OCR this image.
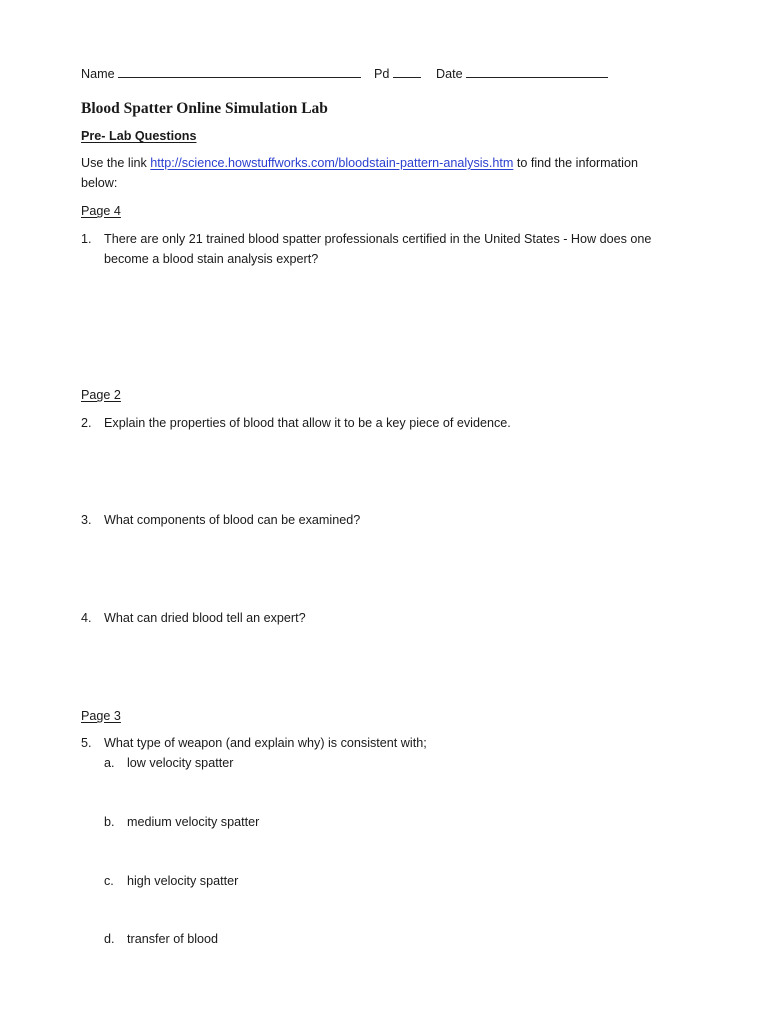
Name	Pd	Date
Blood Spatter Online Simulation Lab
Pre- Lab Questions
Use the link http://science.howstuffworks.com/bloodstain-pattern-analysis.htm to find the information
below:
Page 4
1. There are only 21 trained blood spatter professionals certified in the United States - How does one
become a blood stain analysis expert?
Page 2
2. Explain the properties of blood that allow it to be a key piece of evidence.
3. What components of blood can be examined?
4. What can dried blood tell an expert?
Page 3
5. What type of weapon (and explain why) is consistent with;
a. low velocity spatter
b. medium velocity spatter
c. high velocity spatter
d. transfer of blood
